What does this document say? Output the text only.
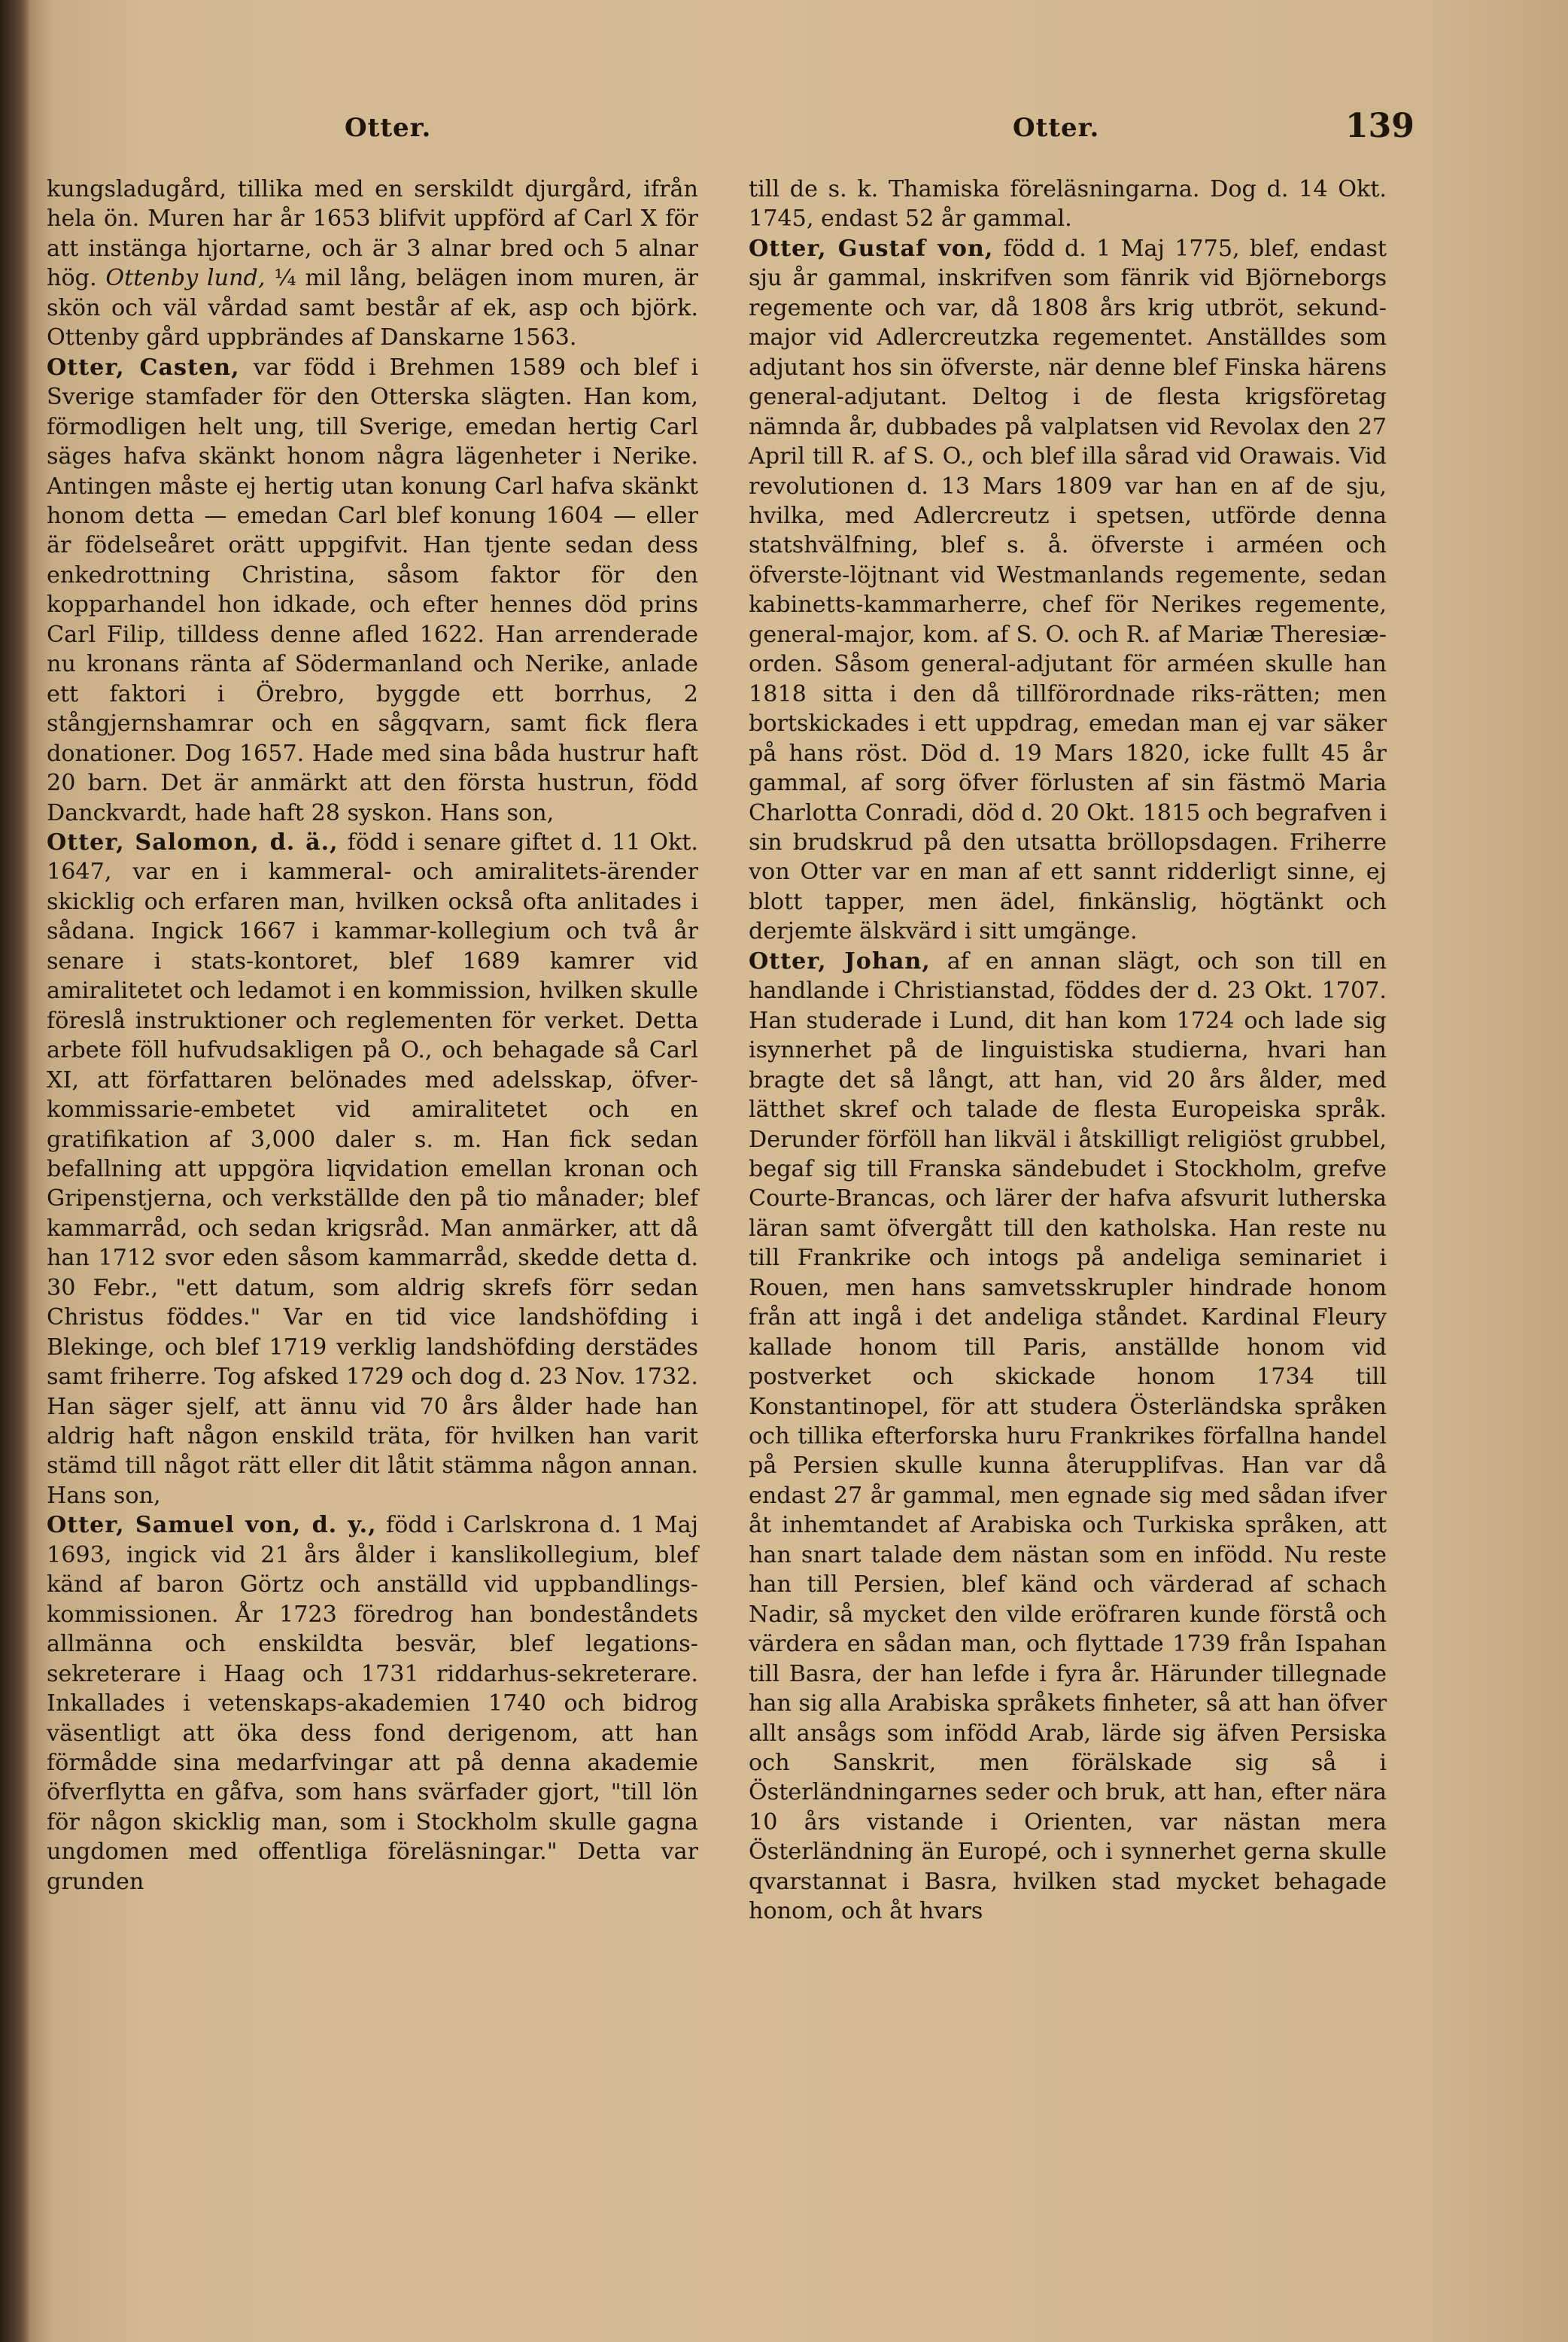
Otter.	Otter.	139

kungsladugård, tillika med en serskildt djurgård, ifrån hela ön. Muren har år 1653 blifvit uppförd af Carl X för att instänga hjortarne, och är 3 alnar bred och 5 alnar hög. Ottenby lund, ¼ mil lång, belägen inom muren, är skön och väl vårdad samt består af ek, asp och björk. Ottenby gård uppbrändes af Danskarne 1563.

Otter, Casten, var född i Brehmen 1589 och blef i Sverige stamfader för den Otterska slägten. Han kom, förmodligen helt ung, till Sverige, emedan hertig Carl säges hafva skänkt honom några lägenheter i Nerike. Antingen måste ej hertig utan konung Carl hafva skänkt honom detta — emedan Carl blef konung 1604 — eller är födelseåret orätt uppgifvit. Han tjente sedan dess enkedrottning Christina, såsom faktor för den kopparhandel hon idkade, och efter hennes död prins Carl Filip, tilldess denne afled 1622. Han arrenderade nu kronans ränta af Södermanland och Nerike, anlade ett faktori i Örebro, byggde ett borrhus, 2 stångjernshamrar och en sågqvarn, samt fick flera donationer. Dog 1657. Hade med sina båda hustrur haft 20 barn. Det är anmärkt att den första hustrun, född Danckvardt, hade haft 28 syskon. Hans son,

Otter, Salomon, d. ä., född i senare giftet d. 11 Okt. 1647, var en i kammeral- och amiralitets-ärender skicklig och erfaren man, hvilken också ofta anlitades i sådana. Ingick 1667 i kammar-kollegium och två år senare i stats-kontoret, blef 1689 kamrer vid amiralitetet och ledamot i en kommission, hvilken skulle föreslå instruktioner och reglementen för verket. Detta arbete föll hufvudsakligen på O., och behagade så Carl XI, att författaren belönades med adelsskap, öfver-kommissarie-embetet vid amiralitetet och en gratifikation af 3,000 daler s. m. Han fick sedan befallning att uppgöra liqvidation emellan kronan och Gripenstjerna, och verkställde den på tio månader; blef kammarråd, och sedan krigsråd. Man anmärker, att då han 1712 svor eden såsom kammarråd, skedde detta d. 30 Febr., "ett datum, som aldrig skrefs förr sedan Christus föddes." Var en tid vice landshöfding i Blekinge, och blef 1719 verklig landshöfding derstädes samt friherre. Tog afsked 1729 och dog d. 23 Nov. 1732. Han säger sjelf, att ännu vid 70 års ålder hade han aldrig haft någon enskild träta, för hvilken han varit stämd till något rätt eller dit låtit stämma någon annan. Hans son,

Otter, Samuel von, d. y., född i Carlskrona d. 1 Maj 1693, ingick vid 21 års ålder i kanslikollegium, blef känd af baron Görtz och anställd vid uppbandlings-kommissionen. År 1723 föredrog han bondeståndets allmänna och enskildta besvär, blef legations-sekreterare i Haag och 1731 riddarhus-sekreterare. Inkallades i vetenskaps-akademien 1740 och bidrog väsentligt att öka dess fond derigenom, att han förmådde sina medarfvingar att på denna akademie öfverflytta en gåfva, som hans svärfader gjort, "till lön för någon skicklig man, som i Stockholm skulle gagna ungdomen med offentliga föreläsningar." Detta var grunden

till de s. k. Thamiska föreläsningarna. Dog d. 14 Okt. 1745, endast 52 år gammal.

Otter, Gustaf von, född d. 1 Maj 1775, blef, endast sju år gammal, inskrifven som fänrik vid Björneborgs regemente och var, då 1808 års krig utbröt, sekund-major vid Adlercreutzka regementet. Anställdes som adjutant hos sin öfverste, när denne blef Finska härens general-adjutant. Deltog i de flesta krigsföretag nämnda år, dubbades på valplatsen vid Revolax den 27 April till R. af S. O., och blef illa sårad vid Orawais. Vid revolutionen d. 13 Mars 1809 var han en af de sju, hvilka, med Adlercreutz i spetsen, utförde denna statshvälfning, blef s. å. öfverste i arméen och öfverste-löjtnant vid Westmanlands regemente, sedan kabinetts-kammarherre, chef för Nerikes regemente, general-major, kom. af S. O. och R. af Mariæ Theresiæ-orden. Såsom general-adjutant för arméen skulle han 1818 sitta i den då tillförordnade riks-rätten; men bortskickades i ett uppdrag, emedan man ej var säker på hans röst. Död d. 19 Mars 1820, icke fullt 45 år gammal, af sorg öfver förlusten af sin fästmö Maria Charlotta Conradi, död d. 20 Okt. 1815 och begrafven i sin brudskrud på den utsatta bröllopsdagen. Friherre von Otter var en man af ett sannt ridderligt sinne, ej blott tapper, men ädel, finkänslig, högtänkt och derjemte älskvärd i sitt umgänge.

Otter, Johan, af en annan slägt, och son till en handlande i Christianstad, föddes der d. 23 Okt. 1707. Han studerade i Lund, dit han kom 1724 och lade sig isynnerhet på de linguistiska studierna, hvari han bragte det så långt, att han, vid 20 års ålder, med lätthet skref och talade de flesta Europeiska språk. Derunder förföll han likväl i åtskilligt religiöst grubbel, begaf sig till Franska sändebudet i Stockholm, grefve Courte-Brancas, och lärer der hafva afsvurit lutherska läran samt öfvergått till den katholska. Han reste nu till Frankrike och intogs på andeliga seminariet i Rouen, men hans samvetsskrupler hindrade honom från att ingå i det andeliga ståndet. Kardinal Fleury kallade honom till Paris, anställde honom vid postverket och skickade honom 1734 till Konstantinopel, för att studera Österländska språken och tillika efterforska huru Frankrikes förfallna handel på Persien skulle kunna återupplifvas. Han var då endast 27 år gammal, men egnade sig med sådan ifver åt inhemtandet af Arabiska och Turkiska språken, att han snart talade dem nästan som en infödd. Nu reste han till Persien, blef känd och värderad af schach Nadir, så mycket den vilde eröfraren kunde förstå och värdera en sådan man, och flyttade 1739 från Ispahan till Basra, der han lefde i fyra år. Härunder tillegnade han sig alla Arabiska språkets finheter, så att han öfver allt ansågs som infödd Arab, lärde sig äfven Persiska och Sanskrit, men förälskade sig så i Österländningarnes seder och bruk, att han, efter nära 10 års vistande i Orienten, var nästan mera Österländning än Europé, och i synnerhet gerna skulle qvarstannat i Basra, hvilken stad mycket behagade honom, och åt hvars
